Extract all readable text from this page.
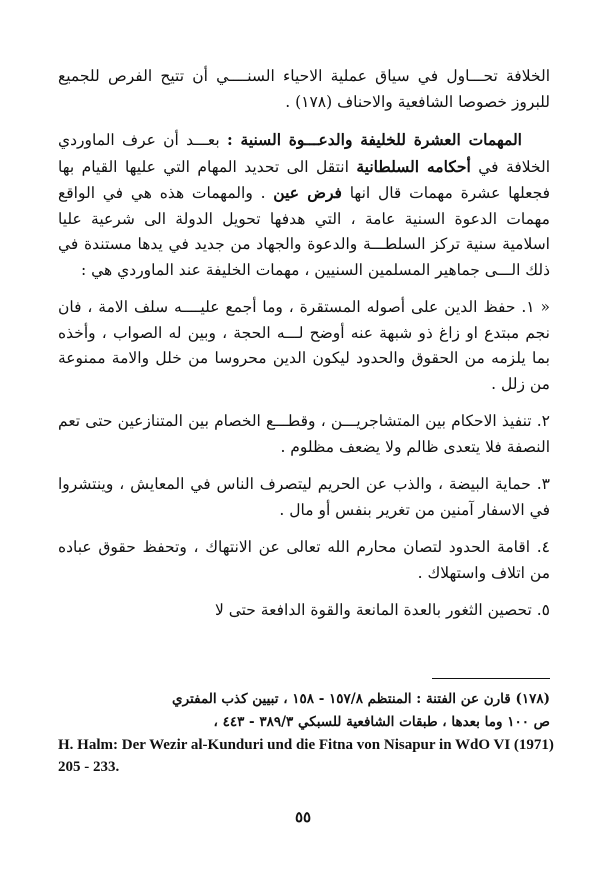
الخلافة تحـــاول في سياق عملية الاحياء السنــــي أن تتيح الفرص للجميع للبروز خصوصا الشافعية والاحناف (١٧٨) .

المهمات العشرة للخليفة والدعـــوة السنية : بعـــد أن عرف الماوردي الخلافة في أحكامه السلطانية انتقل الى تحديد المهام التي عليها القيام بها فجعلها عشرة مهمات قال انها فرض عين . والمهمات هذه هي في الواقع مهمات الدعوة السنية عامة ، التي هدفها تحويل الدولة الى شرعية عليا اسلامية سنية تركز السلطـــة والدعوة والجهاد من جديد في يدها مستندة في ذلك الـــى جماهير المسلمين السنيين ، مهمات الخليفة عند الماوردي هي :

« ١. حفظ الدين على أصوله المستقرة ، وما أجمع عليــــه سلف الامة ، فان نجم مبتدع او زاغ ذو شبهة عنه أوضح لـــه الحجة ، وبين له الصواب ، وأخذه بما يلزمه من الحقوق والحدود ليكون الدين محروسا من خلل والامة ممنوعة من زلل .

٢. تنفيذ الاحكام بين المتشاجريـــن ، وقطـــع الخصام بين المتنازعين حتى تعم النصفة فلا يتعدى ظالم ولا يضعف مظلوم .

٣. حماية البيضة ، والذب عن الحريم ليتصرف الناس في المعايش ، وينتشروا في الاسفار آمنين من تغرير بنفس أو مال .

٤. اقامة الحدود لتصان محارم الله تعالى عن الانتهاك ، وتحفظ حقوق عباده من اتلاف واستهلاك .

٥. تحصين الثغور بالعدة المانعة والقوة الدافعة حتى لا

(١٧٨) قارن عن الفتنة : المنتظم ١٥٧/٨ - ١٥٨ ، تبيين كذب المفتري

ص ١٠٠ وما بعدها ، طبقات الشافعية للسبكي ٣٨٩/٣ - ٤٤٣ ،

H. Halm: Der Wezir al-Kunduri und die Fitna von Nisapur in WdO VI (1971) 205 - 233.

٥٥
